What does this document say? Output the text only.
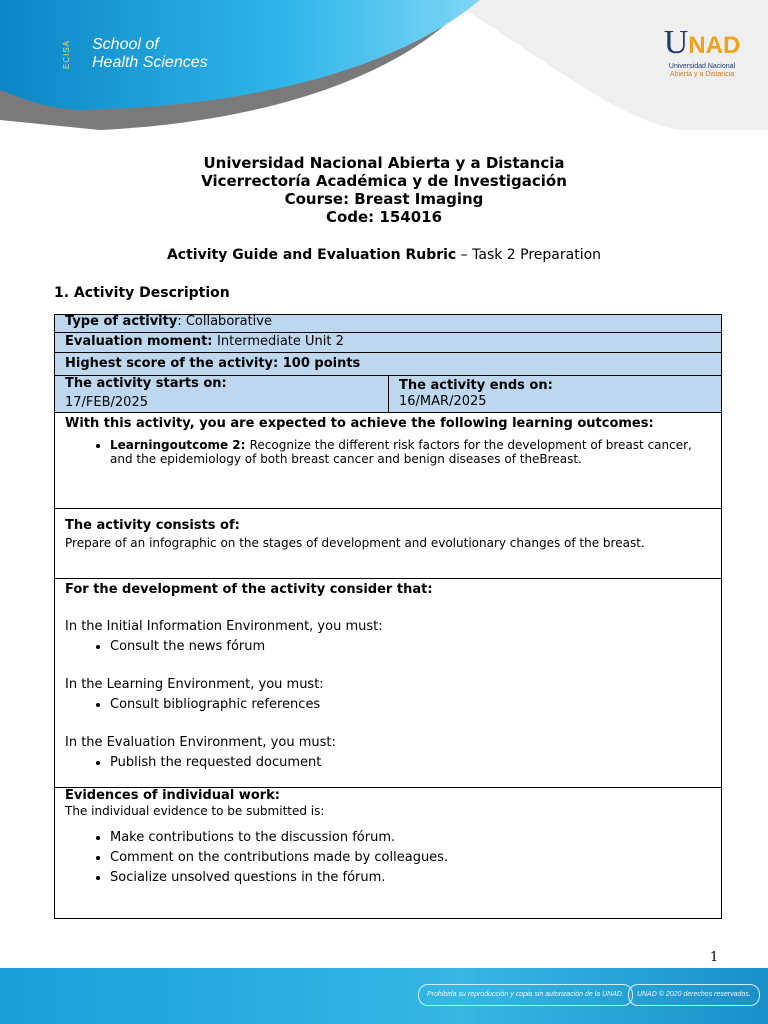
ECISA School of
Health Sciences
UNAD
Universidad Nacional
Abierta y a Distancia
Universidad Nacional Abierta y a Distancia
Vicerrectoría Académica y de Investigación
Course: Breast Imaging
Code: 154016
Activity Guide and Evaluation Rubric – Task 2 Preparation
1. Activity Description
Type of activity: Collaborative
Evaluation moment: Intermediate Unit 2
Highest score of the activity: 100 points
The activity starts on:
17/FEB/2025
The activity ends on:
16/MAR/2025
With this activity, you are expected to achieve the following learning outcomes:
• Learningoutcome 2: Recognize the different risk factors for the development of breast cancer, and the epidemiology of both breast cancer and benign diseases of theBreast.
The activity consists of:
Prepare of an infographic on the stages of development and evolutionary changes of the breast.
For the development of the activity consider that:
In the Initial Information Environment, you must:
• Consult the news fórum
In the Learning Environment, you must:
• Consult bibliographic references
In the Evaluation Environment, you must:
• Publish the requested document
Evidences of individual work:
The individual evidence to be submitted is:
• Make contributions to the discussion fórum.
• Comment on the contributions made by colleagues.
• Socialize unsolved questions in the fórum.
1
Prohibida su reproducción y copia sin autorización de la UNAD.	UNAD © 2020 derechos reservados.
